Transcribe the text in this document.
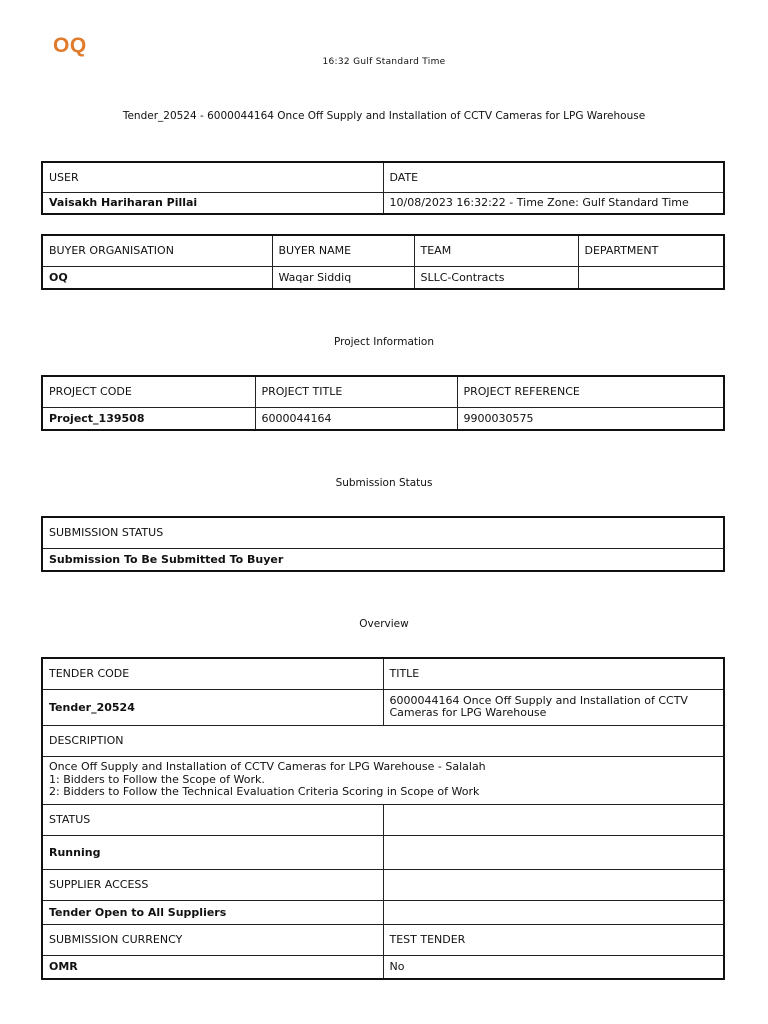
OQ
16:32 Gulf Standard Time
Tender_20524 - 6000044164 Once Off Supply and Installation of CCTV Cameras for LPG Warehouse
USER	DATE
Vaisakh Hariharan Pillai	10/08/2023 16:32:22 - Time Zone: Gulf Standard Time
BUYER ORGANISATION	BUYER NAME	TEAM	DEPARTMENT
OQ	Waqar Siddiq	SLLC-Contracts	
Project Information
PROJECT CODE	PROJECT TITLE	PROJECT REFERENCE
Project_139508	6000044164	9900030575
Submission Status
SUBMISSION STATUS
Submission To Be Submitted To Buyer
Overview
TENDER CODE	TITLE
Tender_20524	6000044164 Once Off Supply and Installation of CCTV
Cameras for LPG Warehouse

DESCRIPTION	

Once Off Supply and Installation of CCTV Cameras for LPG Warehouse - Salalah
1: Bidders to Follow the Scope of Work.
2: Bidders to Follow the Technical Evaluation Criteria Scoring in Scope of Work	

STATUS	
Running	
SUPPLIER ACCESS	
Tender Open to All Suppliers	
SUBMISSION CURRENCY	TEST TENDER
OMR	No
